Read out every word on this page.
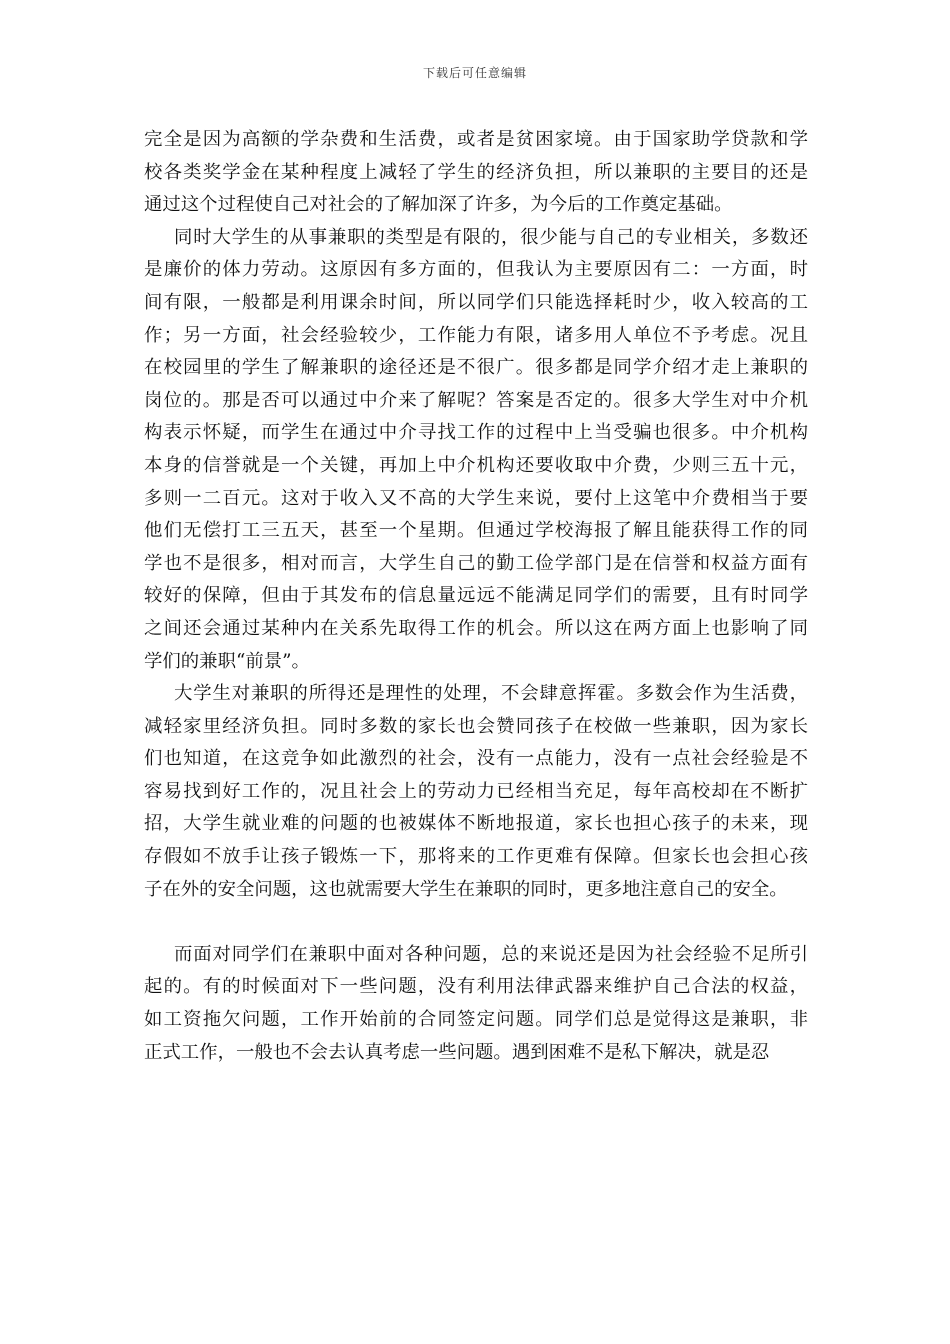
下载后可任意编辑
完全是因为高额的学杂费和生活费，或者是贫困家境。由于国家助学贷款和学
校各类奖学金在某种程度上减轻了学生的经济负担，所以兼职的主要目的还是
通过这个过程使自己对社会的了解加深了许多，为今后的工作奠定基础。
同时大学生的从事兼职的类型是有限的，很少能与自己的专业相关，多数还
是廉价的体力劳动。这原因有多方面的，但我认为主要原因有二：一方面，时
间有限，一般都是利用课余时间，所以同学们只能选择耗时少，收入较高的工
作；另一方面，社会经验较少，工作能力有限，诸多用人单位不予考虑。况且
在校园里的学生了解兼职的途径还是不很广。很多都是同学介绍才走上兼职的
岗位的。那是否可以通过中介来了解呢？答案是否定的。很多大学生对中介机
构表示怀疑，而学生在通过中介寻找工作的过程中上当受骗也很多。中介机构
本身的信誉就是一个关键，再加上中介机构还要收取中介费，少则三五十元，
多则一二百元。这对于收入又不高的大学生来说，要付上这笔中介费相当于要
他们无偿打工三五天，甚至一个星期。但通过学校海报了解且能获得工作的同
学也不是很多，相对而言，大学生自己的勤工俭学部门是在信誉和权益方面有
较好的保障，但由于其发布的信息量远远不能满足同学们的需要，且有时同学
之间还会通过某种内在关系先取得工作的机会。所以这在两方面上也影响了同
学们的兼职“前景”。
大学生对兼职的所得还是理性的处理，不会肆意挥霍。多数会作为生活费，
减轻家里经济负担。同时多数的家长也会赞同孩子在校做一些兼职，因为家长
们也知道，在这竞争如此激烈的社会，没有一点能力，没有一点社会经验是不
容易找到好工作的，况且社会上的劳动力已经相当充足，每年高校却在不断扩
招，大学生就业难的问题的也被媒体不断地报道，家长也担心孩子的未来，现
存假如不放手让孩子锻炼一下，那将来的工作更难有保障。但家长也会担心孩
子在外的安全问题，这也就需要大学生在兼职的同时，更多地注意自己的安全。
而面对同学们在兼职中面对各种问题，总的来说还是因为社会经验不足所引
起的。有的时候面对下一些问题，没有利用法律武器来维护自己合法的权益，
如工资拖欠问题，工作开始前的合同签定问题。同学们总是觉得这是兼职，非
正式工作，一般也不会去认真考虑一些问题。遇到困难不是私下解决，就是忍
